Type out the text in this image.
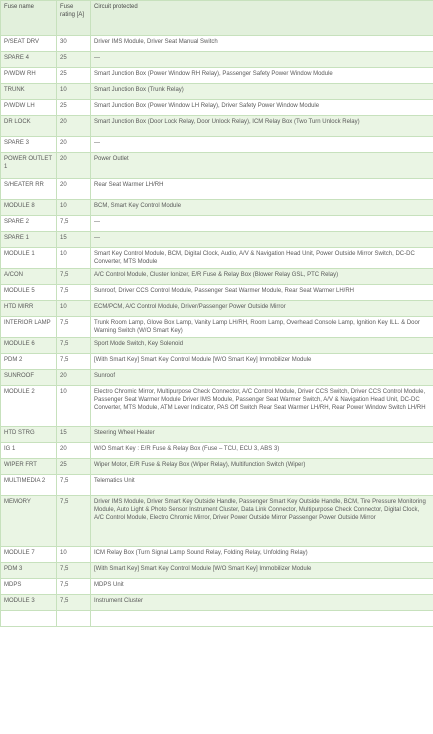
Fuse name	Fuse rating [A]	Circuit protected
P/SEAT DRV	30	Driver IMS Module, Driver Seat Manual Switch
SPARE 4	25	—
P/WDW RH	25	Smart Junction Box (Power Window RH Relay), Passenger Safety Power Window Module
TRUNK	10	Smart Junction Box (Trunk Relay)
P/WDW LH	25	Smart Junction Box (Power Window LH Relay), Driver Safety Power Window Module
DR LOCK	20	Smart Junction Box (Door Lock Relay, Door Unlock Relay), ICM Relay Box (Two Turn Unlock Relay)
SPARE 3	20	—
POWER OUTLET 1	20	Power Outlet
S/HEATER RR	20	Rear Seat Warmer LH/RH
MODULE 8	10	BCM, Smart Key Control Module
SPARE 2	7,5	—
SPARE 1	15	—
MODULE 1	10	Smart Key Control Module, BCM, Digital Clock, Audio, A/V & Navigation Head Unit, Power Outside Mirror Switch, DC-DC Converter, MTS Module
A/CON	7,5	A/C Control Module, Cluster Ionizer, E/R Fuse & Relay Box (Blower Relay GSL, PTC Relay)
MODULE 5	7,5	Sunroof, Driver CCS Control Module, Passenger Seat Warmer Module, Rear Seat Warmer LH/RH
HTD MIRR	10	ECM/PCM, A/C Control Module, Driver/Passenger Power Outside Mirror
INTERIOR LAMP	7,5	Trunk Room Lamp, Glove Box Lamp, Vanity Lamp LH/RH, Room Lamp, Overhead Console Lamp, Ignition Key ILL. & Door Warning Switch (W/O Smart Key)
MODULE 6	7,5	Sport Mode Switch, Key Solenoid
PDM 2	7,5	[With Smart Key] Smart Key Control Module [W/O Smart Key] Immobilizer Module
SUNROOF	20	Sunroof
MODULE 2	10	Electro Chromic Mirror, Multipurpose Check Connector, A/C Control Module, Driver CCS Switch, Driver CCS Control Module, Passenger Seat Warmer Module Driver IMS Module, Passenger Seat Warmer Switch, A/V & Navigation Head Unit, DC-DC Converter, MTS Module, ATM Lever Indicator, PAS Off Switch Rear Seat Warmer LH/RH, Rear Power Window Switch LH/RH
HTD STRG	15	Steering Wheel Heater
IG 1	20	W/O Smart Key : E/R Fuse & Relay Box (Fuse – TCU, ECU 3, ABS 3)
WIPER FRT	25	Wiper Motor, E/R Fuse & Relay Box (Wiper Relay), Multifunction Switch (Wiper)
MULTIMEDIA 2	7,5	Telematics Unit
MEMORY	7,5	Driver IMS Module, Driver Smart Key Outside Handle, Passenger Smart Key Outside Handle, BCM, Tire Pressure Monitoring Module, Auto Light & Photo Sensor Instrument Cluster, Data Link Connector, Multipurpose Check Connector, Digital Clock, A/C Control Module, Electro Chromic Mirror, Driver Power Outside Mirror Passenger Power Outside Mirror
MODULE 7	10	ICM Relay Box (Turn Signal Lamp Sound Relay, Folding Relay, Unfolding Relay)
PDM 3	7,5	[With Smart Key] Smart Key Control Module [W/O Smart Key] Immobilizer Module
MDPS	7,5	MDPS Unit
MODULE 3	7,5	Instrument Cluster
